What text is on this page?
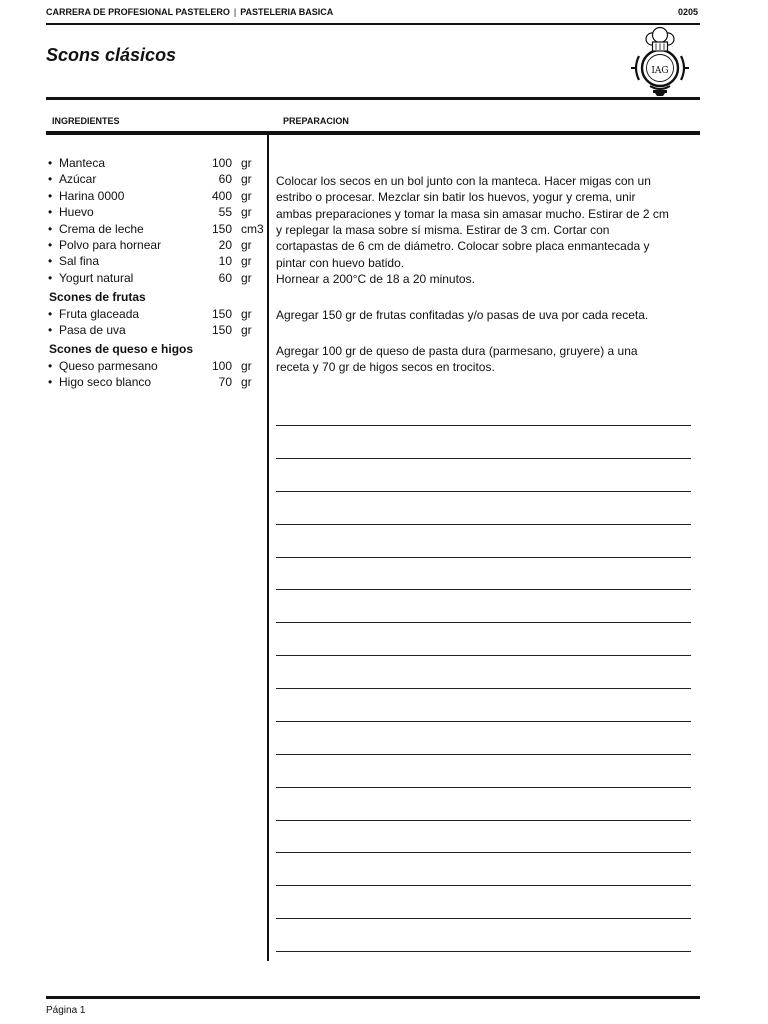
CARRERA DE PROFESIONAL PASTELERO | PASTELERIA BASICA	0205
Scons clásicos
IAG
INGREDIENTES	PREPARACION
• Manteca	100 gr
• Azúcar	60 gr
• Harina 0000	400 gr
• Huevo	55 gr
• Crema de leche	150 cm3
• Polvo para hornear	20 gr
• Sal fina	10 gr
• Yogurt natural	60 gr
Scones de frutas
• Fruta glaceada	150 gr
• Pasa de uva	150 gr
Scones de queso e higos
• Queso parmesano	100 gr
• Higo seco blanco	70 gr
Colocar los secos en un bol junto con la manteca. Hacer migas con un
estribo o procesar. Mezclar sin batir los huevos, yogur y crema, unir
ambas preparaciones y tomar la masa sin amasar mucho. Estirar de 2 cm
y replegar la masa sobre sí misma. Estirar de 3 cm. Cortar con
cortapastas de 6 cm de diámetro. Colocar sobre placa enmantecada y
pintar con huevo batido.
Hornear a 200°C de 18 a 20 minutos.
Agregar 150 gr de frutas confitadas y/o pasas de uva por cada receta.
Agregar 100 gr de queso de pasta dura (parmesano, gruyere) a una
receta y 70 gr de higos secos en trocitos.
Página 1
